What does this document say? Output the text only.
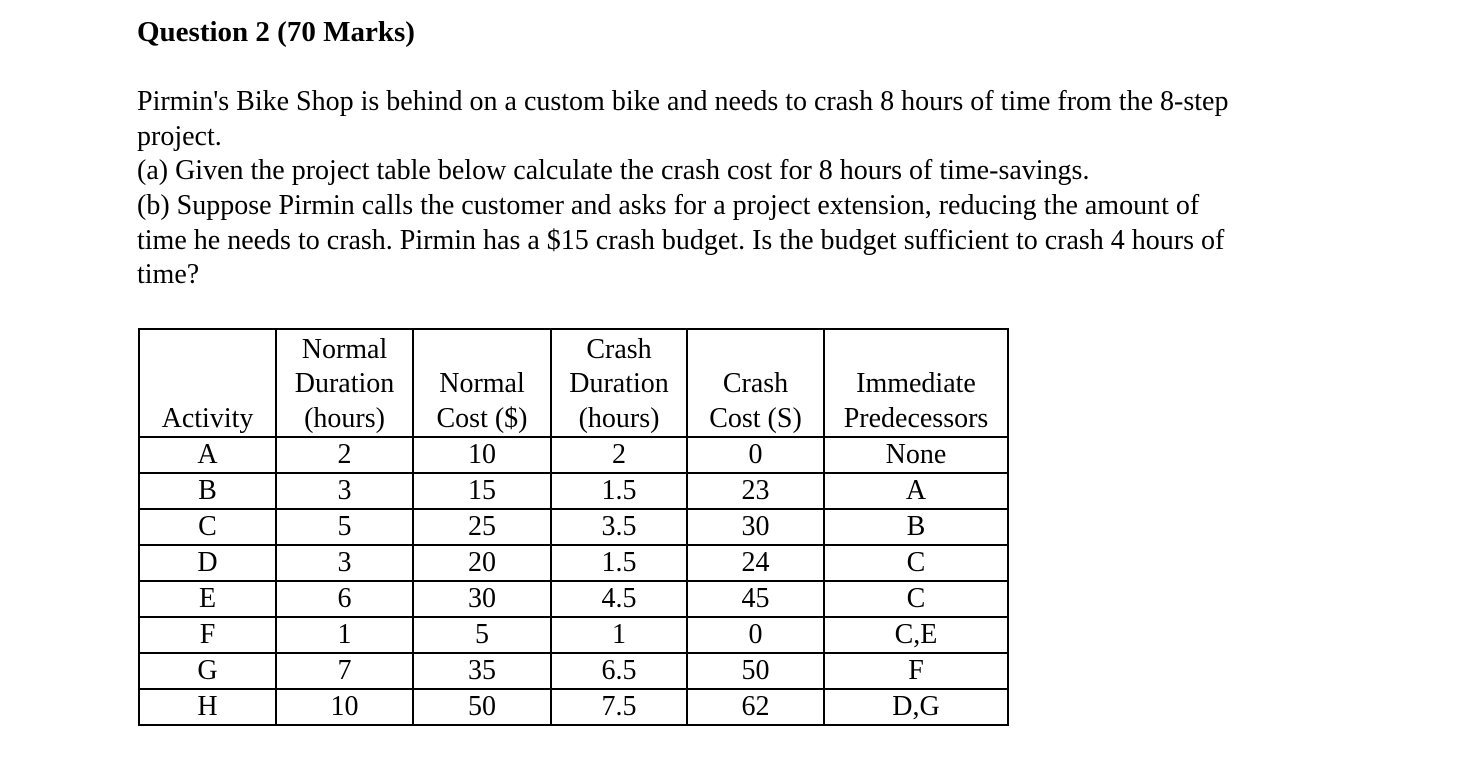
Question 2 (70 Marks)
Pirmin's Bike Shop is behind on a custom bike and needs to crash 8 hours of time from the 8-step
project.
(a) Given the project table below calculate the crash cost for 8 hours of time-savings.
(b) Suppose Pirmin calls the customer and asks for a project extension, reducing the amount of
time he needs to crash. Pirmin has a $15 crash budget. Is the budget sufficient to crash 4 hours of
time?
Activity	Normal
Duration
(hours)	Normal
Cost ($)	Crash
Duration
(hours)	Crash
Cost (S)	Immediate
Predecessors

A	2	10	2	0	None
B	3	15	1.5	23	A
C	5	25	3.5	30	B
D	3	20	1.5	24	C
E	6	30	4.5	45	C
F	1	5	1	0	C,E
G	7	35	6.5	50	F
H	10	50	7.5	62	D,G
